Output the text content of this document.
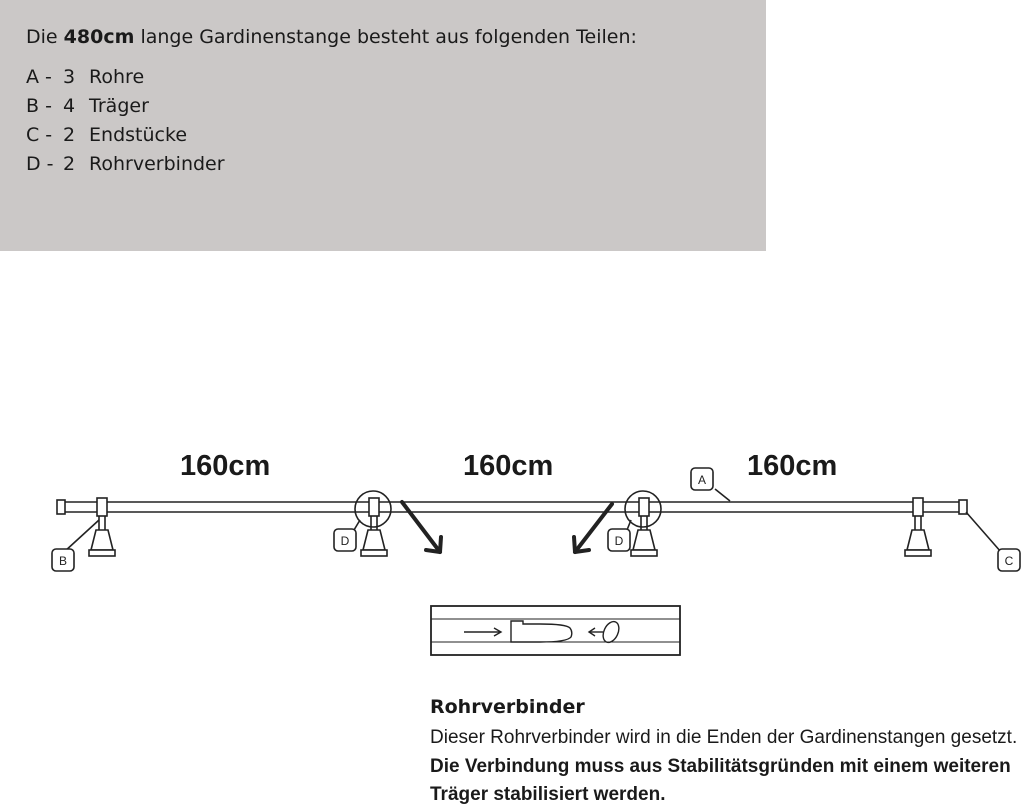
Die 480cm lange Gardinenstange besteht aus folgenden Teilen:
A - 3 Rohre
B - 4 Träger
C - 2 Endstücke
D - 2 Rohrverbinder
160cm	160cm	160cm
B	C
A
D	D
Rohrverbinder
Dieser Rohrverbinder wird in die Enden der Gardinenstangen gesetzt. Die Verbindung muss aus Stabilitätsgründen mit einem weiteren Träger stabilisiert werden.
